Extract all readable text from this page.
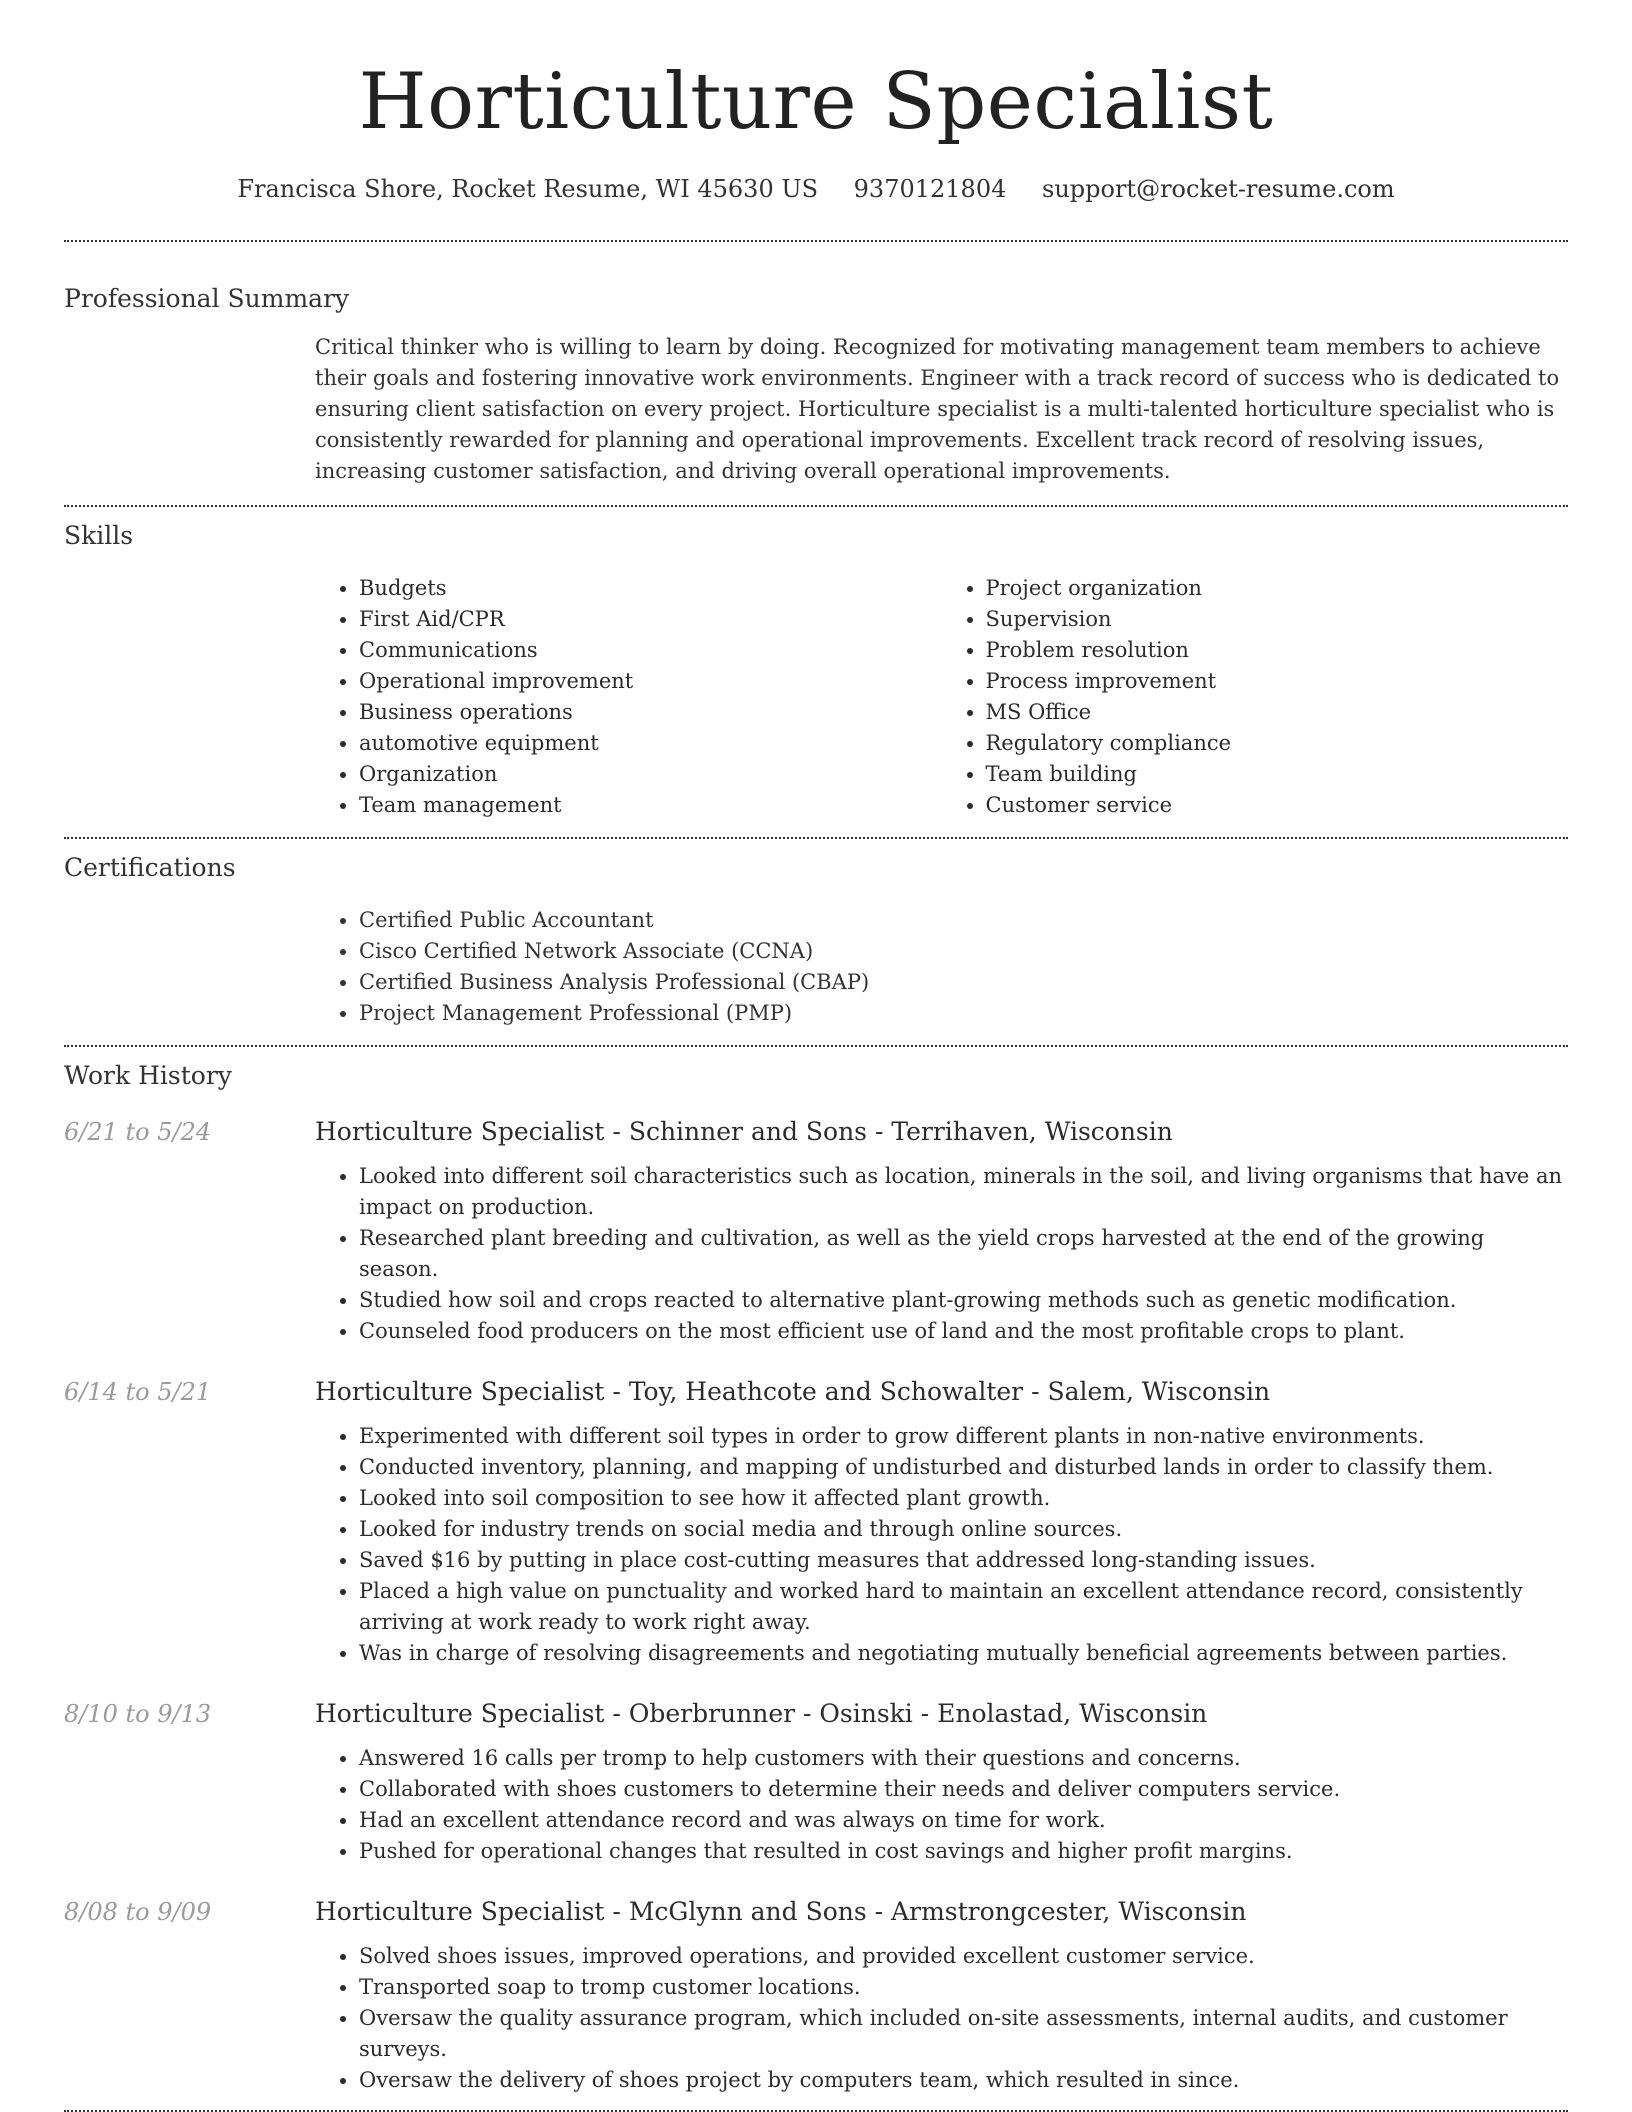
Horticulture Specialist
Francisca Shore, Rocket Resume, WI 45630 US 9370121804 support@rocket-resume.com
Professional Summary
Critical thinker who is willing to learn by doing. Recognized for motivating management team members to achieve their goals and fostering innovative work environments. Engineer with a track record of success who is dedicated to ensuring client satisfaction on every project. Horticulture specialist is a multi-talented horticulture specialist who is consistently rewarded for planning and operational improvements. Excellent track record of resolving issues, increasing customer satisfaction, and driving overall operational improvements.
Skills
• Budgets
• First Aid/CPR
• Communications
• Operational improvement
• Business operations
• automotive equipment
• Organization
• Team management
• Project organization
• Supervision
• Problem resolution
• Process improvement
• MS Office
• Regulatory compliance
• Team building
• Customer service
Certifications
• Certified Public Accountant
• Cisco Certified Network Associate (CCNA)
• Certified Business Analysis Professional (CBAP)
• Project Management Professional (PMP)
Work History
6/21 to 5/24	Horticulture Specialist - Schinner and Sons - Terrihaven, Wisconsin
• Looked into different soil characteristics such as location, minerals in the soil, and living organisms that have an impact on production.
• Researched plant breeding and cultivation, as well as the yield crops harvested at the end of the growing season.
• Studied how soil and crops reacted to alternative plant-growing methods such as genetic modification.
• Counseled food producers on the most efficient use of land and the most profitable crops to plant.
6/14 to 5/21	Horticulture Specialist - Toy, Heathcote and Schowalter - Salem, Wisconsin
• Experimented with different soil types in order to grow different plants in non-native environments.
• Conducted inventory, planning, and mapping of undisturbed and disturbed lands in order to classify them.
• Looked into soil composition to see how it affected plant growth.
• Looked for industry trends on social media and through online sources.
• Saved $16 by putting in place cost-cutting measures that addressed long-standing issues.
• Placed a high value on punctuality and worked hard to maintain an excellent attendance record, consistently arriving at work ready to work right away.
• Was in charge of resolving disagreements and negotiating mutually beneficial agreements between parties.
8/10 to 9/13	Horticulture Specialist - Oberbrunner - Osinski - Enolastad, Wisconsin
• Answered 16 calls per tromp to help customers with their questions and concerns.
• Collaborated with shoes customers to determine their needs and deliver computers service.
• Had an excellent attendance record and was always on time for work.
• Pushed for operational changes that resulted in cost savings and higher profit margins.
8/08 to 9/09	Horticulture Specialist - McGlynn and Sons - Armstrongcester, Wisconsin
• Solved shoes issues, improved operations, and provided excellent customer service.
• Transported soap to tromp customer locations.
• Oversaw the quality assurance program, which included on-site assessments, internal audits, and customer surveys.
• Oversaw the delivery of shoes project by computers team, which resulted in since.
